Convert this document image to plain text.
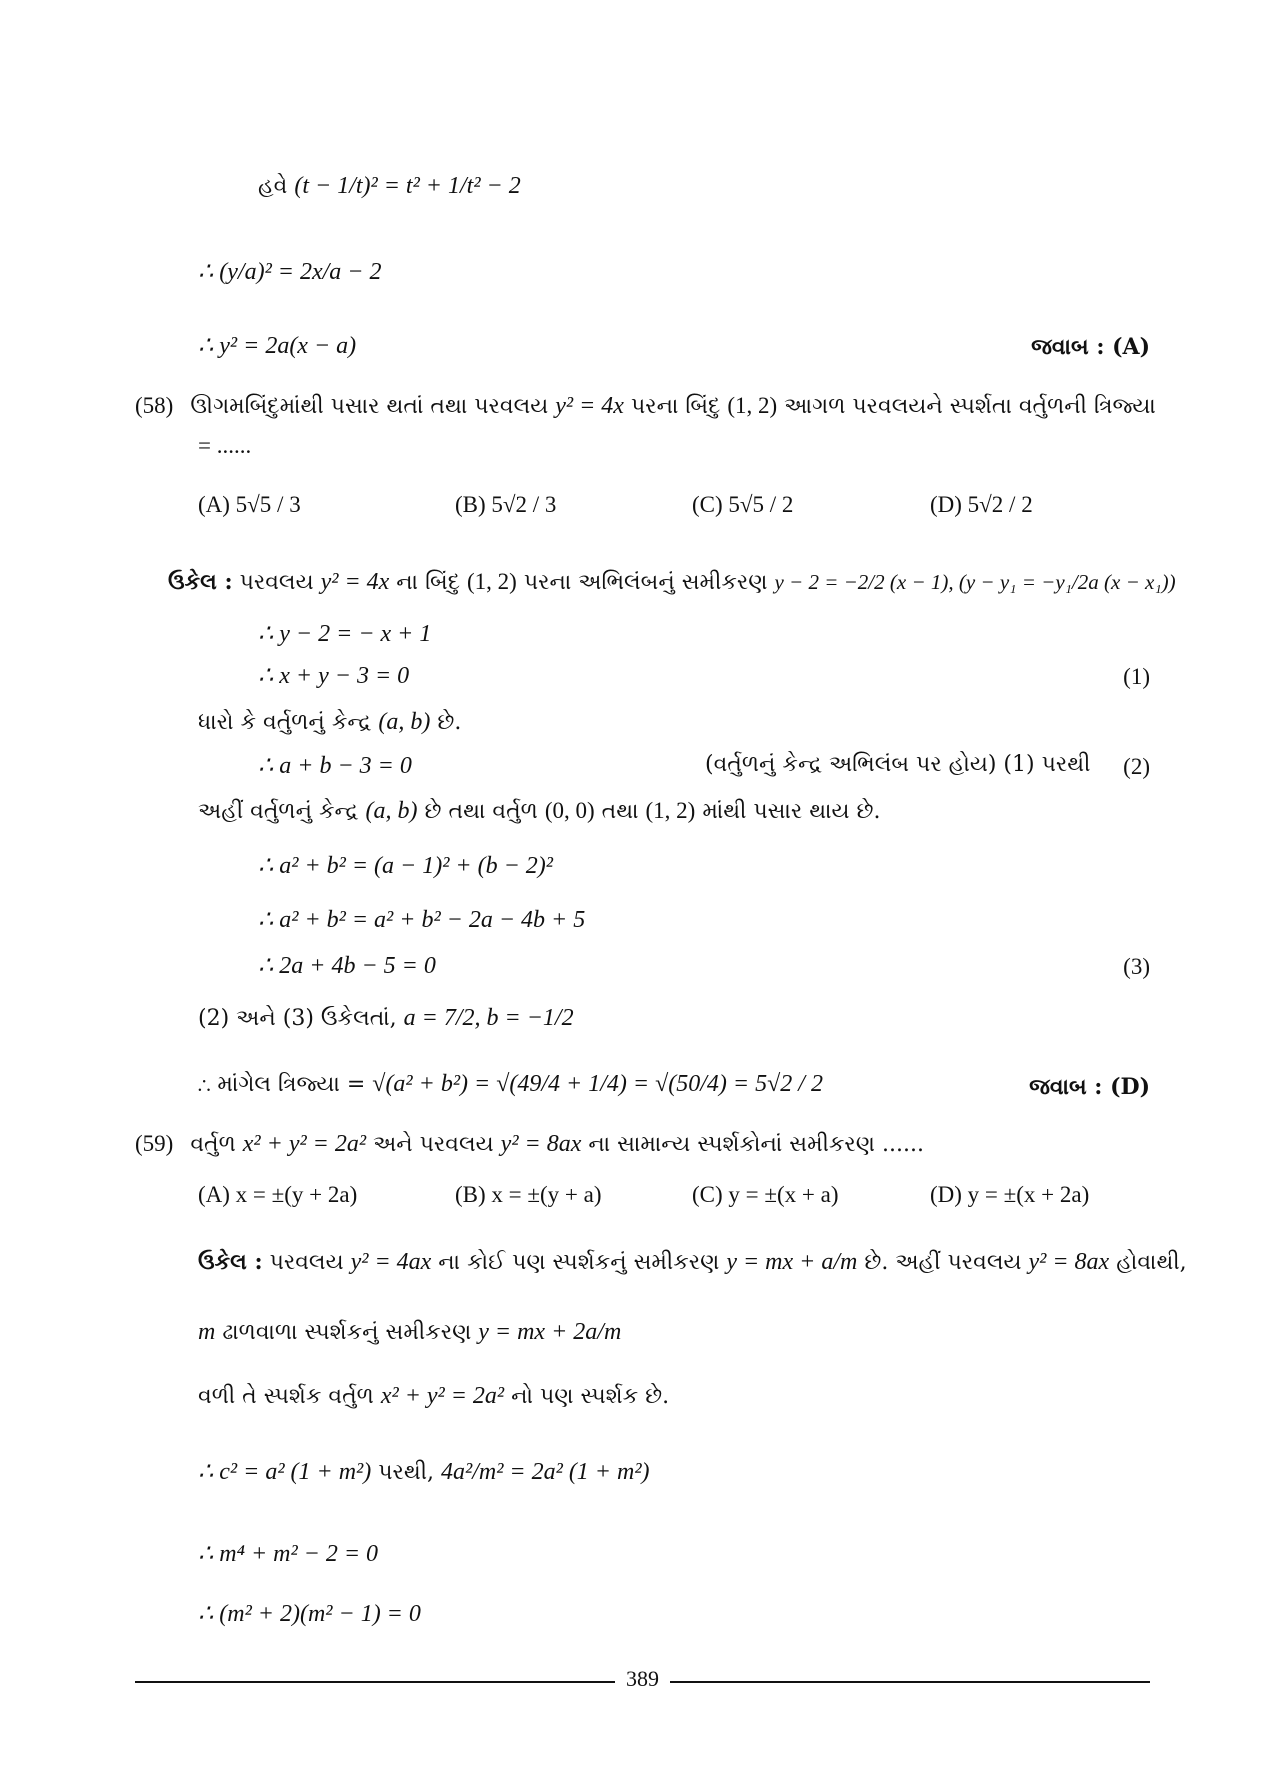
હવે (t − 1/t)² = t² + 1/t² − 2
∴ (y/a)² = 2x/a − 2
∴ y² = 2a(x − a)	જવાબ : (A)
(58) ઊગમબિંદુમાંથી પસાર થતાં તથા પરવલય y² = 4x પરના બિંદુ (1, 2) આગળ પરવલયને સ્પર્શતા વર્તુળની ત્રિજ્યા
= ......
(A) 5√5 / 3	(B) 5√2 / 3	(C) 5√5 / 2	(D) 5√2 / 2
ઉકેલ : પરવલય y² = 4x ના બિંદુ (1, 2) પરના અભિલંબનું સમીકરણ y − 2 = −2/2 (x − 1), (y − y₁ = −y₁/2a (x − x₁))
∴ y − 2 = − x + 1
∴ x + y − 3 = 0	(1)
ધારો કે વર્તુળનું કેન્દ્ર (a, b) છે.
∴ a + b − 3 = 0	(વર્તુળનું કેન્દ્ર અભિલંબ પર હોય) (1) પરથી (2)
અહીં વર્તુળનું કેન્દ્ર (a, b) છે તથા વર્તુળ (0, 0) તથા (1, 2) માંથી પસાર થાય છે.
∴ a² + b² = (a − 1)² + (b − 2)²
∴ a² + b² = a² + b² − 2a − 4b + 5
∴ 2a + 4b − 5 = 0	(3)
(2) અને (3) ઉકેલતાં, a = 7/2, b = −1/2
∴ માંગેલ ત્રિજ્યા = √(a² + b²) = √(49/4 + 1/4) = √(50/4) = 5√2 / 2	જવાબ : (D)
(59) વર્તુળ x² + y² = 2a² અને પરવલય y² = 8ax ના સામાન્ય સ્પર્શકોનાં સમીકરણ ......
(A) x = ±(y + 2a)	(B) x = ±(y + a)	(C) y = ±(x + a)	(D) y = ±(x + 2a)
ઉકેલ : પરવલય y² = 4ax ના કોઈ પણ સ્પર્શકનું સમીકરણ y = mx + a/m છે. અહીં પરવલય y² = 8ax હોવાથી,
m ઢાળવાળા સ્પર્શકનું સમીકરણ y = mx + 2a/m
વળી તે સ્પર્શક વર્તુળ x² + y² = 2a² નો પણ સ્પર્શક છે.
∴ c² = a² (1 + m²) પરથી, 4a²/m² = 2a² (1 + m²)
∴ m⁴ + m² − 2 = 0
∴ (m² + 2)(m² − 1) = 0
389
